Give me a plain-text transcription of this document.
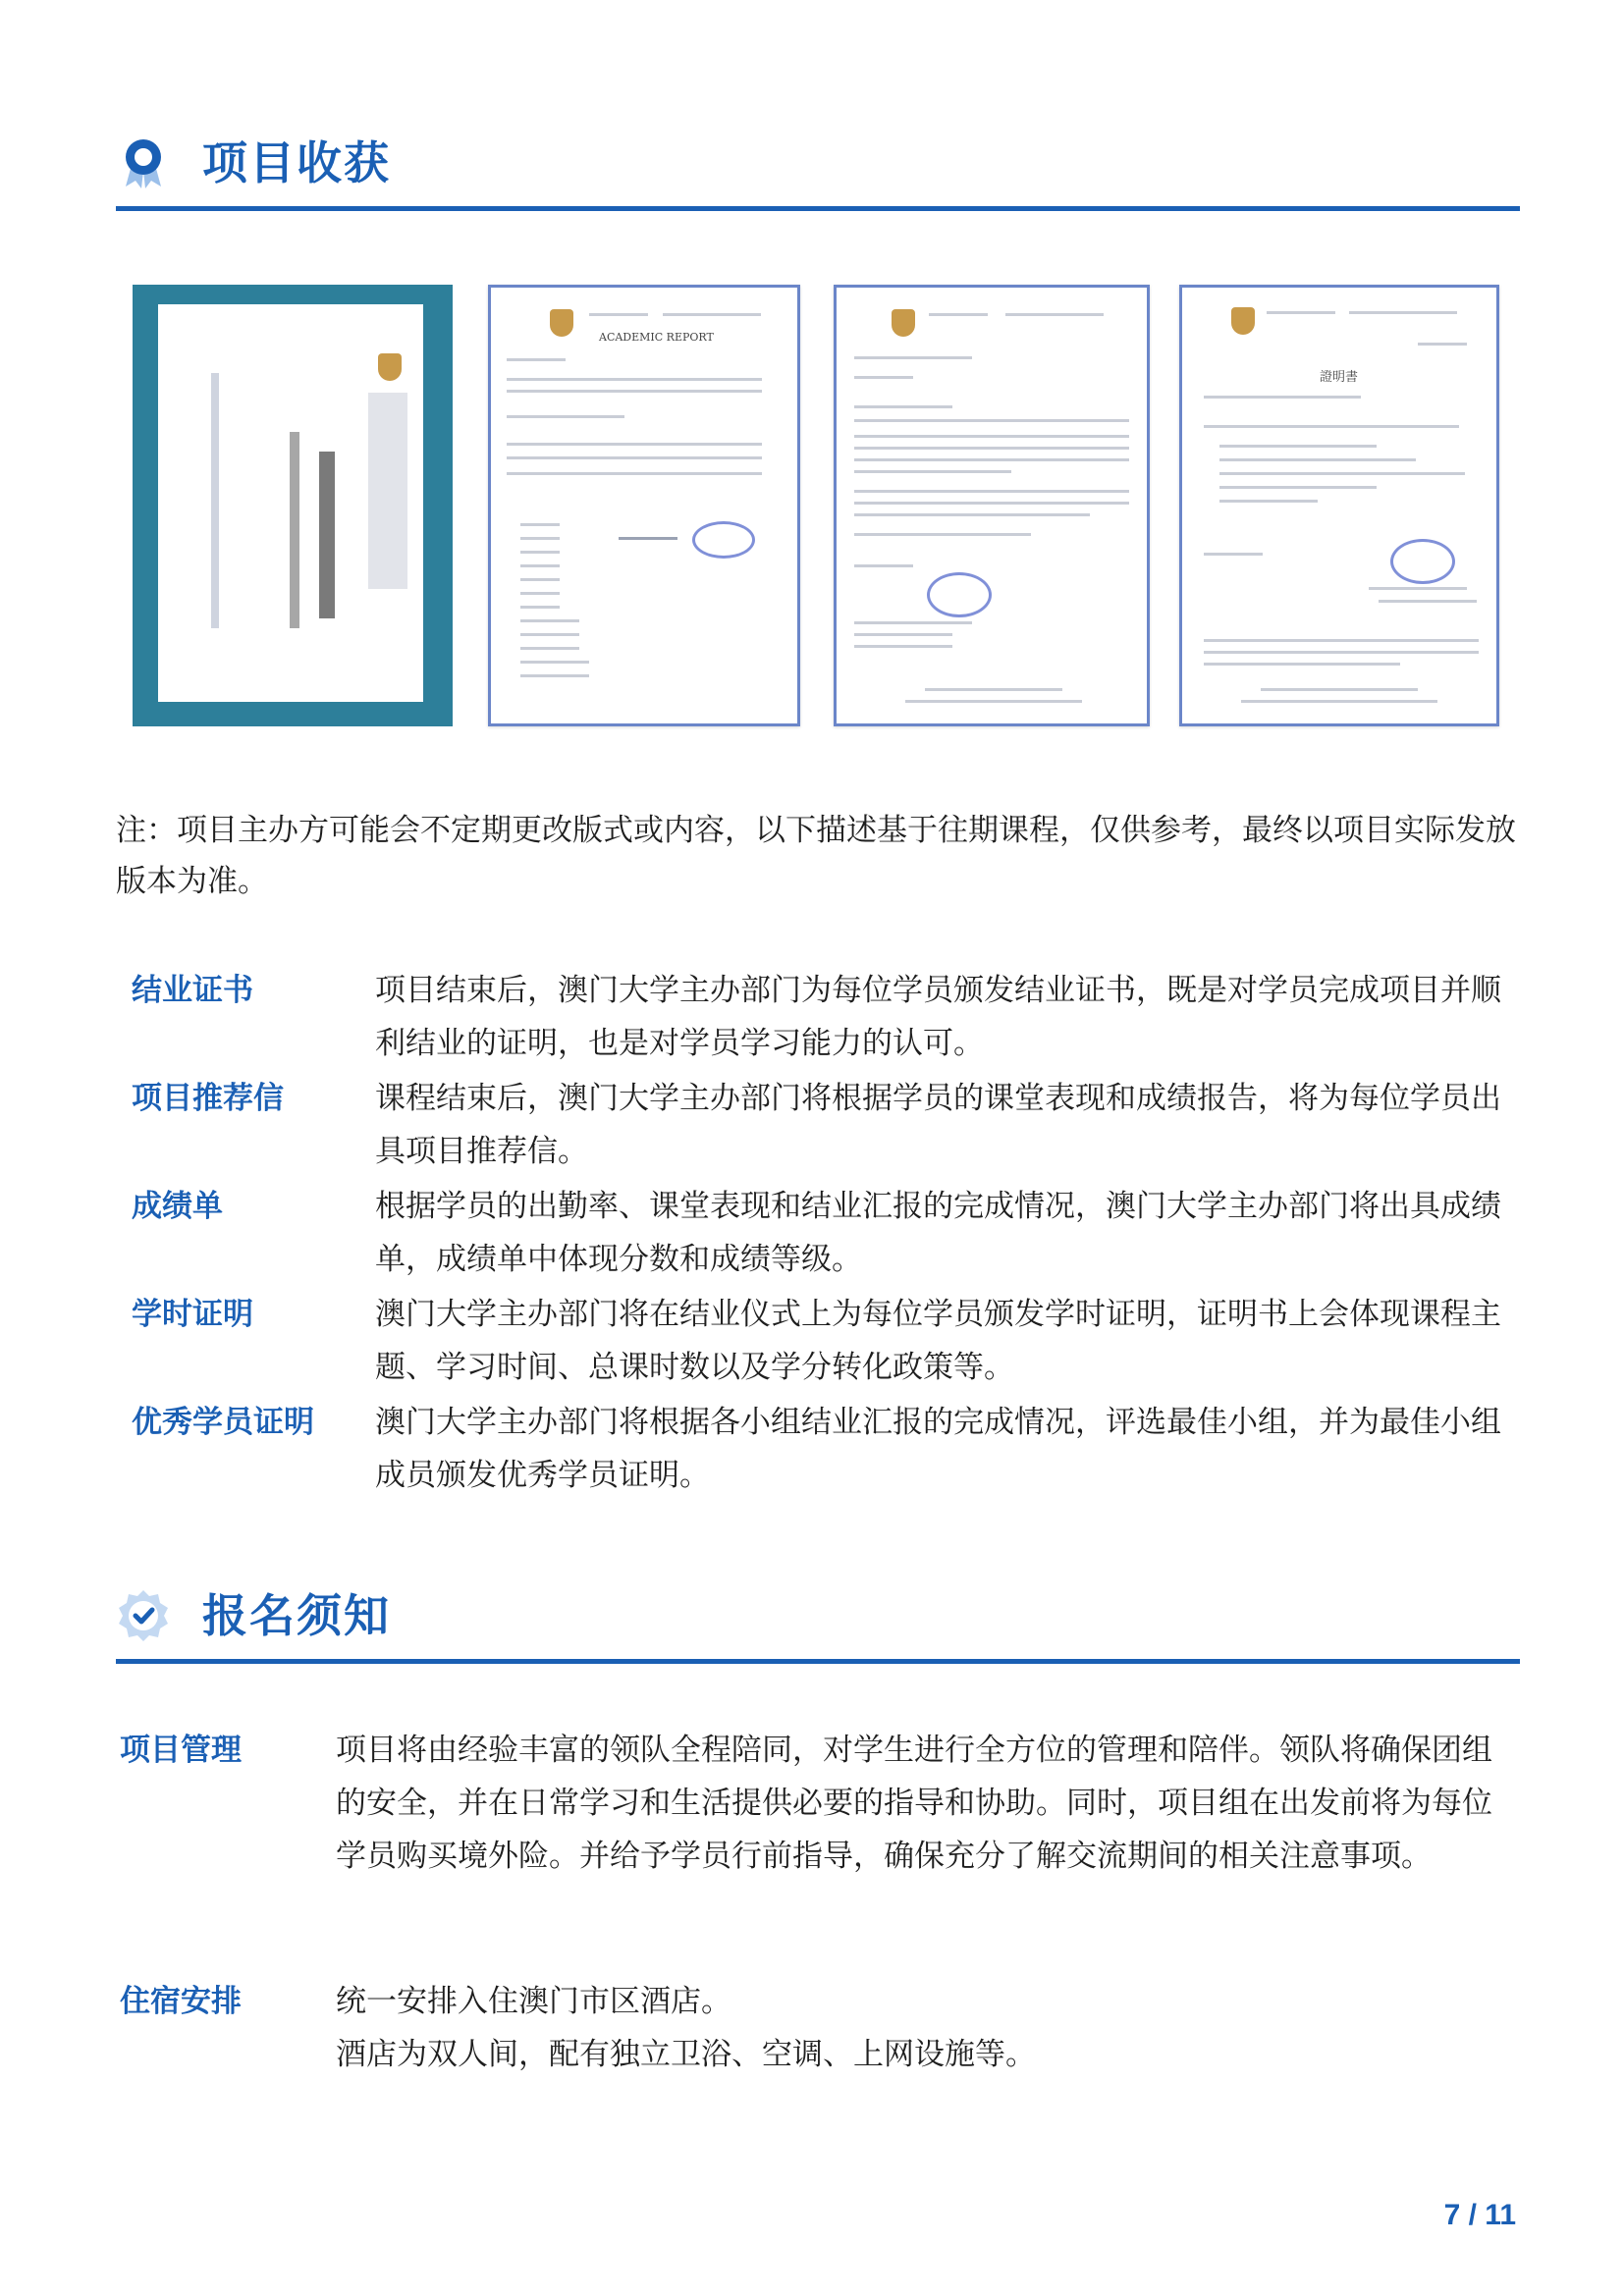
项目收获
ACADEMIC REPORT
證明書
注：项目主办方可能会不定期更改版式或内容，以下描述基于往期课程，仅供参考，最终以项目实际发放版本为准。
结业证书	项目结束后，澳门大学主办部门为每位学员颁发结业证书，既是对学员完成项目并顺利结业的证明，也是对学员学习能力的认可。
项目推荐信	课程结束后，澳门大学主办部门将根据学员的课堂表现和成绩报告，将为每位学员出具项目推荐信。
成绩单	根据学员的出勤率、课堂表现和结业汇报的完成情况，澳门大学主办部门将出具成绩单，成绩单中体现分数和成绩等级。
学时证明	澳门大学主办部门将在结业仪式上为每位学员颁发学时证明，证明书上会体现课程主题、学习时间、总课时数以及学分转化政策等。
优秀学员证明 澳门大学主办部门将根据各小组结业汇报的完成情况，评选最佳小组，并为最佳小组成员颁发优秀学员证明。
报名须知
项目管理	项目将由经验丰富的领队全程陪同，对学生进行全方位的管理和陪伴。领队将确保团组的安全，并在日常学习和生活提供必要的指导和协助。同时，项目组在出发前将为每位学员购买境外险。并给予学员行前指导，确保充分了解交流期间的相关注意事项。
住宿安排	统一安排入住澳门市区酒店。
酒店为双人间，配有独立卫浴、空调、上网设施等。
7 / 11
